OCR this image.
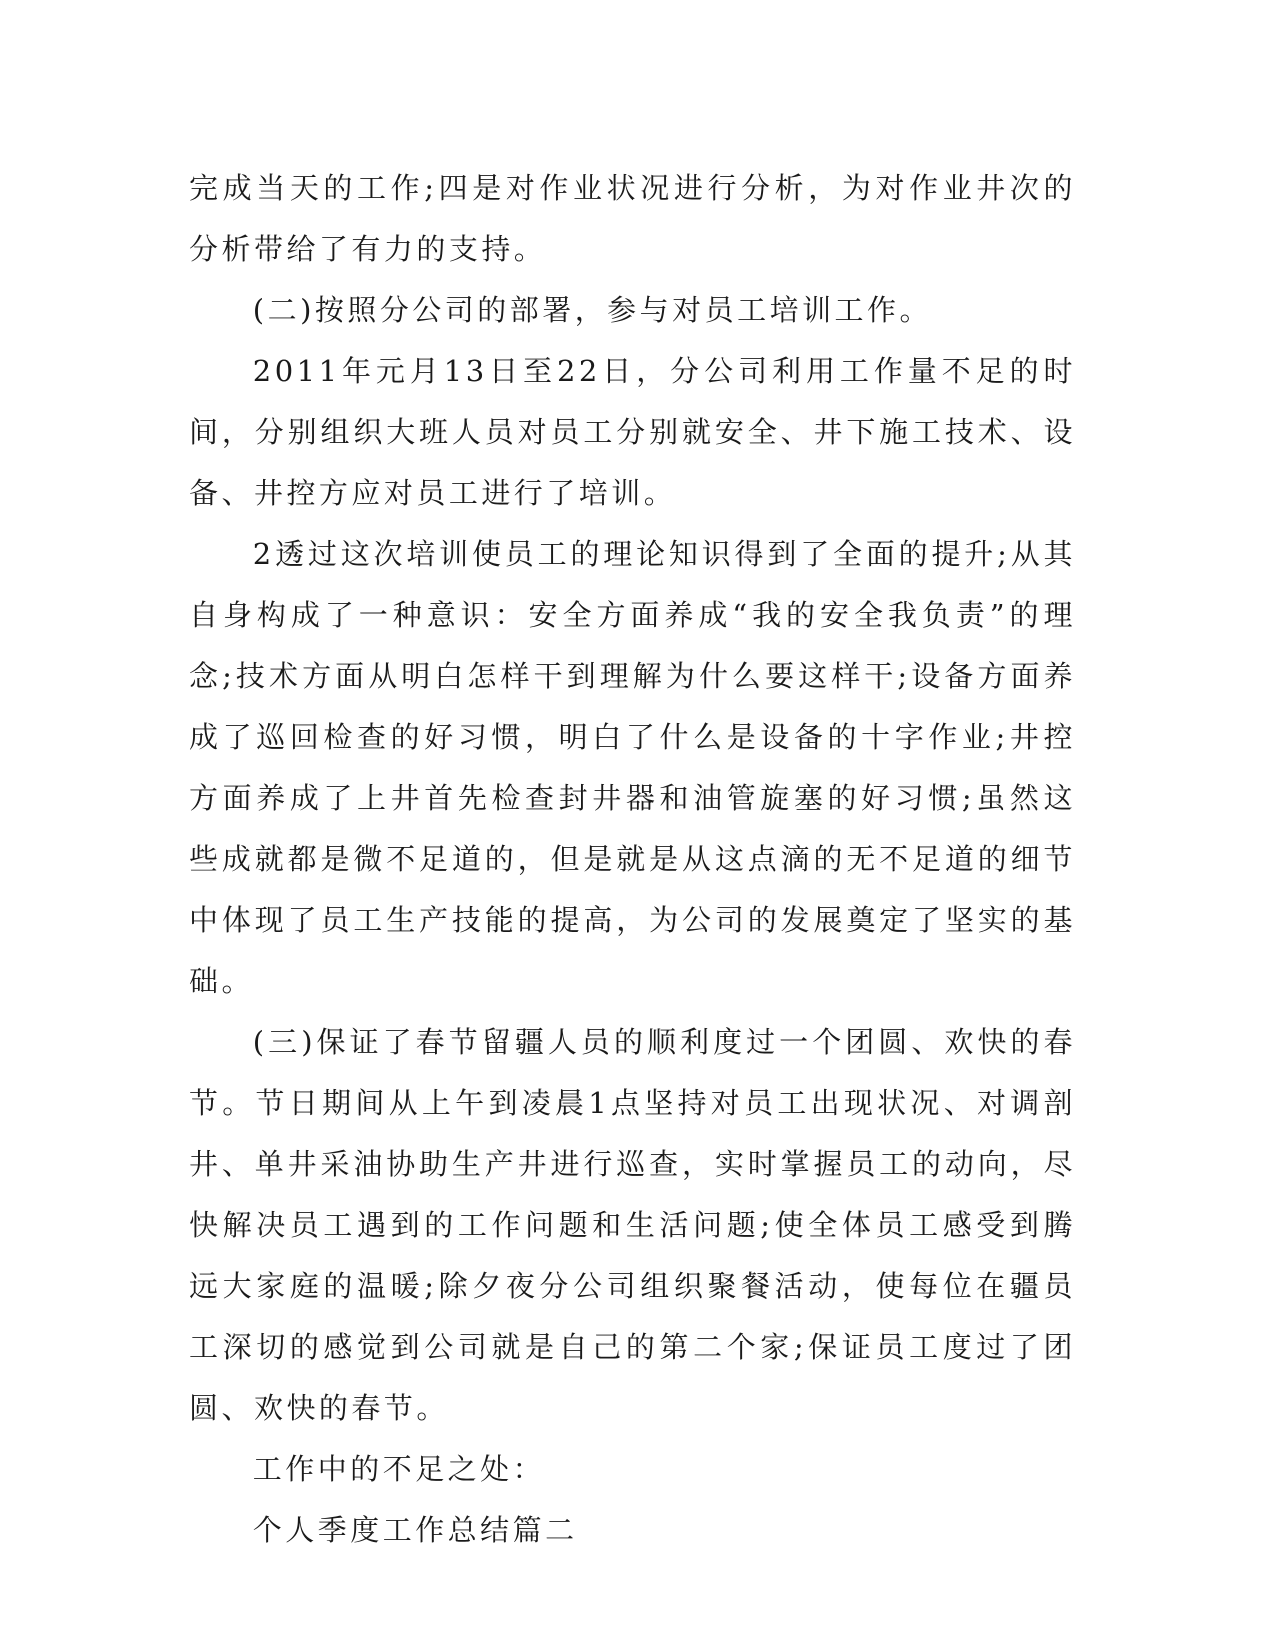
完成当天的工作;四是对作业状况进行分析，为对作业井次的分析带给了有力的支持。

(二)按照分公司的部署，参与对员工培训工作。

2011年元月13日至22日，分公司利用工作量不足的时间，分别组织大班人员对员工分别就安全、井下施工技术、设备、井控方应对员工进行了培训。

2透过这次培训使员工的理论知识得到了全面的提升;从其自身构成了一种意识：安全方面养成“我的安全我负责”的理念;技术方面从明白怎样干到理解为什么要这样干;设备方面养成了巡回检查的好习惯，明白了什么是设备的十字作业;井控方面养成了上井首先检查封井器和油管旋塞的好习惯;虽然这些成就都是微不足道的，但是就是从这点滴的无不足道的细节中体现了员工生产技能的提高，为公司的发展奠定了坚实的基础。

(三)保证了春节留疆人员的顺利度过一个团圆、欢快的春节。节日期间从上午到凌晨1点坚持对员工出现状况、对调剖井、单井采油协助生产井进行巡查，实时掌握员工的动向，尽快解决员工遇到的工作问题和生活问题;使全体员工感受到腾远大家庭的温暖;除夕夜分公司组织聚餐活动，使每位在疆员工深切的感觉到公司就是自己的第二个家;保证员工度过了团圆、欢快的春节。

工作中的不足之处：

个人季度工作总结篇二
